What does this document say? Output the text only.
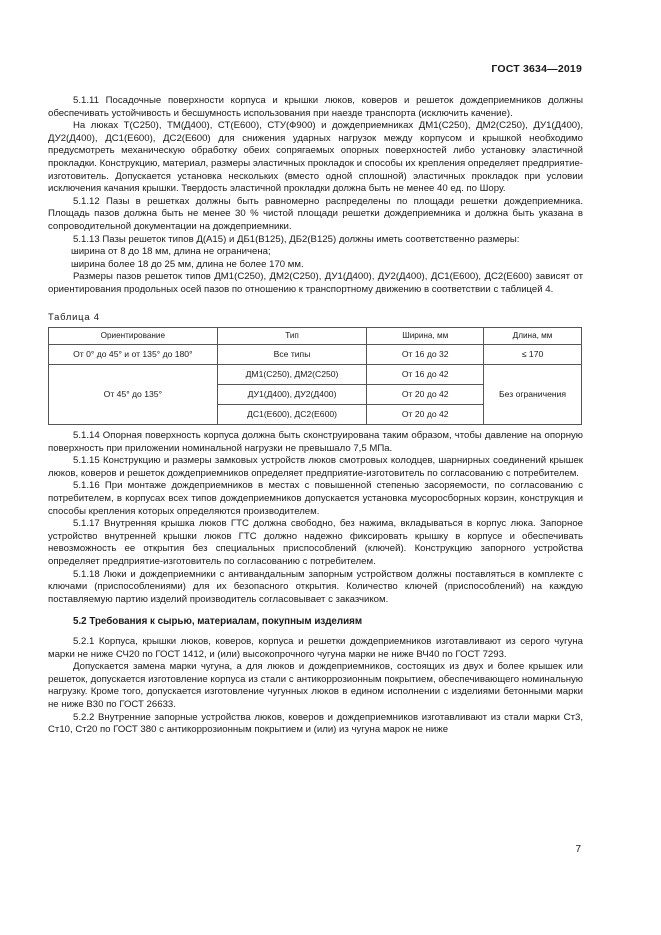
ГОСТ 3634—2019

5.1.11 Посадочные поверхности корпуса и крышки люков, коверов и решеток дождеприемников должны обеспечивать устойчивость и бесшумность использования при наезде транспорта (исключить качение).

На люках Т(С250), ТМ(Д400), СТ(Е600), СТУ(Ф900) и дождеприемниках ДМ1(С250), ДМ2(С250), ДУ1(Д400), ДУ2(Д400), ДС1(Е600), ДС2(Е600) для снижения ударных нагрузок между корпусом и крышкой необходимо предусмотреть механическую обработку обеих сопрягаемых опорных поверхностей либо установку эластичной прокладки. Конструкцию, материал, размеры эластичных прокладок и способы их крепления определяет предприятие-изготовитель. Допускается установка нескольких (вместо одной сплошной) эластичных прокладок при условии исключения качания крышки. Твердость эластичной прокладки должна быть не менее 40 ед. по Шору.

5.1.12 Пазы в решетках должны быть равномерно распределены по площади решетки дождеприемника. Площадь пазов должна быть не менее 30 % чистой площади решетки дождеприемника и должна быть указана в сопроводительной документации на дождеприемники.

5.1.13 Пазы решеток типов Д(А15) и ДБ1(В125), ДБ2(В125) должны иметь соответственно размеры:

- ширина от 8 до 18 мм, длина не ограничена;

- ширина более 18 до 25 мм, длина не более 170 мм.

Размеры пазов решеток типов ДМ1(С250), ДМ2(С250), ДУ1(Д400), ДУ2(Д400), ДС1(Е600), ДС2(Е600) зависят от ориентирования продольных осей пазов по отношению к транспортному движению в соответствии с таблицей 4.

Таблица 4
Ориентирование	Тип	Ширина, мм	Длина, мм
От 0° до 45° и от 135° до 180°	Все типы	От 16 до 32	≤ 170
От 45° до 135°	ДМ1(С250), ДМ2(С250)	От 16 до 42	Без ограничения
	ДУ1(Д400), ДУ2(Д400)	От 20 до 42	
	ДС1(Е600), ДС2(Е600)	От 20 до 42	

5.1.14 Опорная поверхность корпуса должна быть сконструирована таким образом, чтобы давление на опорную поверхность при приложении номинальной нагрузки не превышало 7,5 МПа.

5.1.15 Конструкцию и размеры замковых устройств люков смотровых колодцев, шарнирных соединений крышек люков, коверов и решеток дождеприемников определяет предприятие-изготовитель по согласованию с потребителем.

5.1.16 При монтаже дождеприемников в местах с повышенной степенью засоряемости, по согласованию с потребителем, в корпусах всех типов дождеприемников допускается установка мусоросборных корзин, конструкция и способы крепления которых определяются производителем.

5.1.17 Внутренняя крышка люков ГТС должна свободно, без нажима, вкладываться в корпус люка. Запорное устройство внутренней крышки люков ГТС должно надежно фиксировать крышку в корпусе и обеспечивать невозможность ее открытия без специальных приспособлений (ключей). Конструкцию запорного устройства определяет предприятие-изготовитель по согласованию с потребителем.

5.1.18 Люки и дождеприемники с антивандальным запорным устройством должны поставляться в комплекте с ключами (приспособлениями) для их безопасного открытия. Количество ключей (приспособлений) на каждую поставляемую партию изделий производитель согласовывает с заказчиком.

5.2 Требования к сырью, материалам, покупным изделиям

5.2.1 Корпуса, крышки люков, коверов, корпуса и решетки дождеприемников изготавливают из серого чугуна марки не ниже СЧ20 по ГОСТ 1412, и (или) высокопрочного чугуна марки не ниже ВЧ40 по ГОСТ 7293.

Допускается замена марки чугуна, а для люков и дождеприемников, состоящих из двух и более крышек или решеток, допускается изготовление корпуса из стали с антикоррозионным покрытием, обеспечивающего номинальную нагрузку. Кроме того, допускается изготовление чугунных люков в едином исполнении с изделиями бетонными марки не ниже В30 по ГОСТ 26633.

5.2.2 Внутренние запорные устройства люков, коверов и дождеприемников изготавливают из стали марки Ст3, Ст10, Ст20 по ГОСТ 380 с антикоррозионным покрытием и (или) из чугуна марок не ниже

7
